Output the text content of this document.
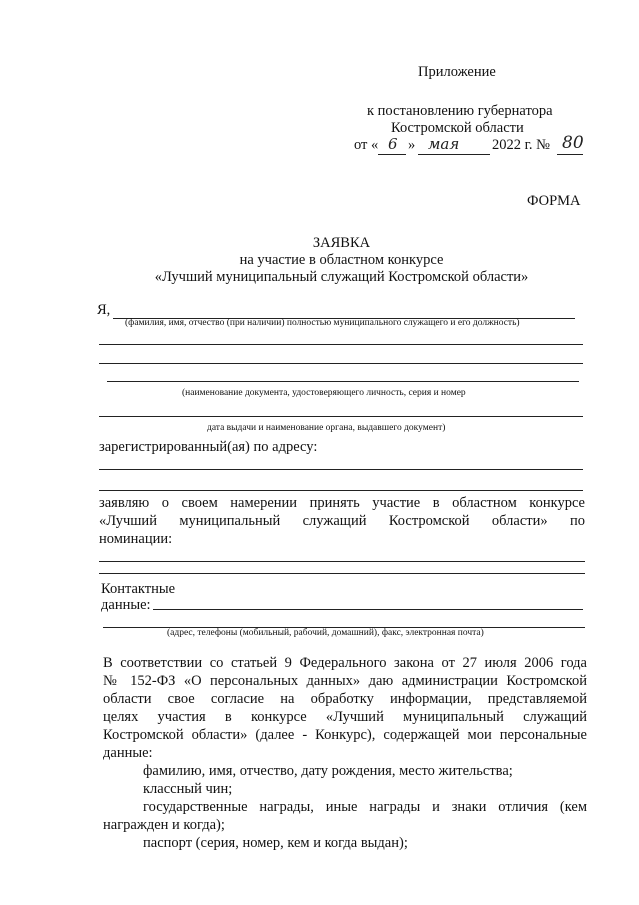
Приложение
к постановлению губернатора
Костромской области
от « 6 » мая 2022 г. № 80
ФОРМА
ЗАЯВКА
на участие в областном конкурсе
«Лучший муниципальный служащий Костромской области»
Я,
(фамилия, имя, отчество (при наличии) полностью муниципального служащего и его должность)
(наименование документа, удостоверяющего личность, серия и номер
дата выдачи и наименование органа, выдавшего документ)
зарегистрированный(ая) по адресу:
заявляю о своем намерении принять участие в областном конкурсе
«Лучший муниципальный служащий Костромской области» по
номинации:
Контактные
данные:
(адрес, телефоны (мобильный, рабочий, домашний), факс, электронная почта)
В соответствии со статьей 9 Федерального закона от 27 июля 2006 года
№ 152-ФЗ «О персональных данных» даю администрации Костромской
области свое согласие на обработку информации, представляемой
целях участия в конкурсе «Лучший муниципальный служащий
Костромской области» (далее - Конкурс), содержащей мои персональные
данные:
фамилию, имя, отчество, дату рождения, место жительства;
классный чин;
государственные награды, иные награды и знаки отличия (кем
награжден и когда);
паспорт (серия, номер, кем и когда выдан);
